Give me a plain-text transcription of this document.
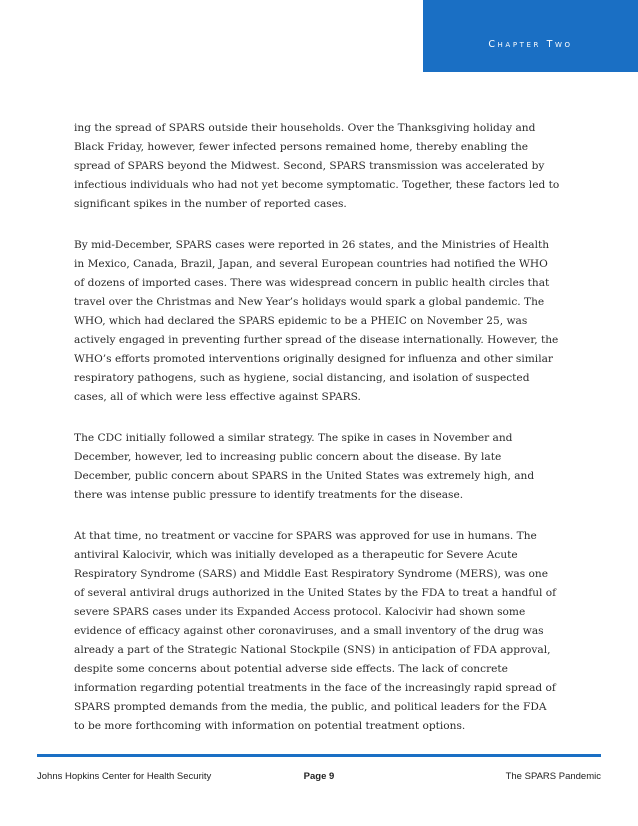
Chapter Two

ing the spread of SPARS outside their households. Over the Thanksgiving holiday and Black Friday, however, fewer infected persons remained home, thereby enabling the spread of SPARS beyond the Midwest. Second, SPARS transmission was accelerated by infectious individuals who had not yet become symptomatic. Together, these factors led to significant spikes in the number of reported cases.

By mid-December, SPARS cases were reported in 26 states, and the Ministries of Health in Mexico, Canada, Brazil, Japan, and several European countries had notified the WHO of dozens of imported cases. There was widespread concern in public health circles that travel over the Christmas and New Year’s holidays would spark a global pandemic. The WHO, which had declared the SPARS epidemic to be a PHEIC on November 25, was actively engaged in preventing further spread of the disease internationally. However, the WHO’s efforts promoted interventions originally designed for influenza and other similar respiratory pathogens, such as hygiene, social distancing, and isolation of suspected cases, all of which were less effective against SPARS.

The CDC initially followed a similar strategy. The spike in cases in November and December, however, led to increasing public concern about the disease. By late December, public concern about SPARS in the United States was extremely high, and there was intense public pressure to identify treatments for the disease.

At that time, no treatment or vaccine for SPARS was approved for use in humans. The antiviral Kalocivir, which was initially developed as a therapeutic for Severe Acute Respiratory Syndrome (SARS) and Middle East Respiratory Syndrome (MERS), was one of several antiviral drugs authorized in the United States by the FDA to treat a handful of severe SPARS cases under its Expanded Access protocol. Kalocivir had shown some evidence of efficacy against other coronaviruses, and a small inventory of the drug was already a part of the Strategic National Stockpile (SNS) in anticipation of FDA approval, despite some concerns about potential adverse side effects. The lack of concrete information regarding potential treatments in the face of the increasingly rapid spread of SPARS prompted demands from the media, the public, and political leaders for the FDA to be more forthcoming with information on potential treatment options.

Johns Hopkins Center for Health Security	Page 9	The SPARS Pandemic
